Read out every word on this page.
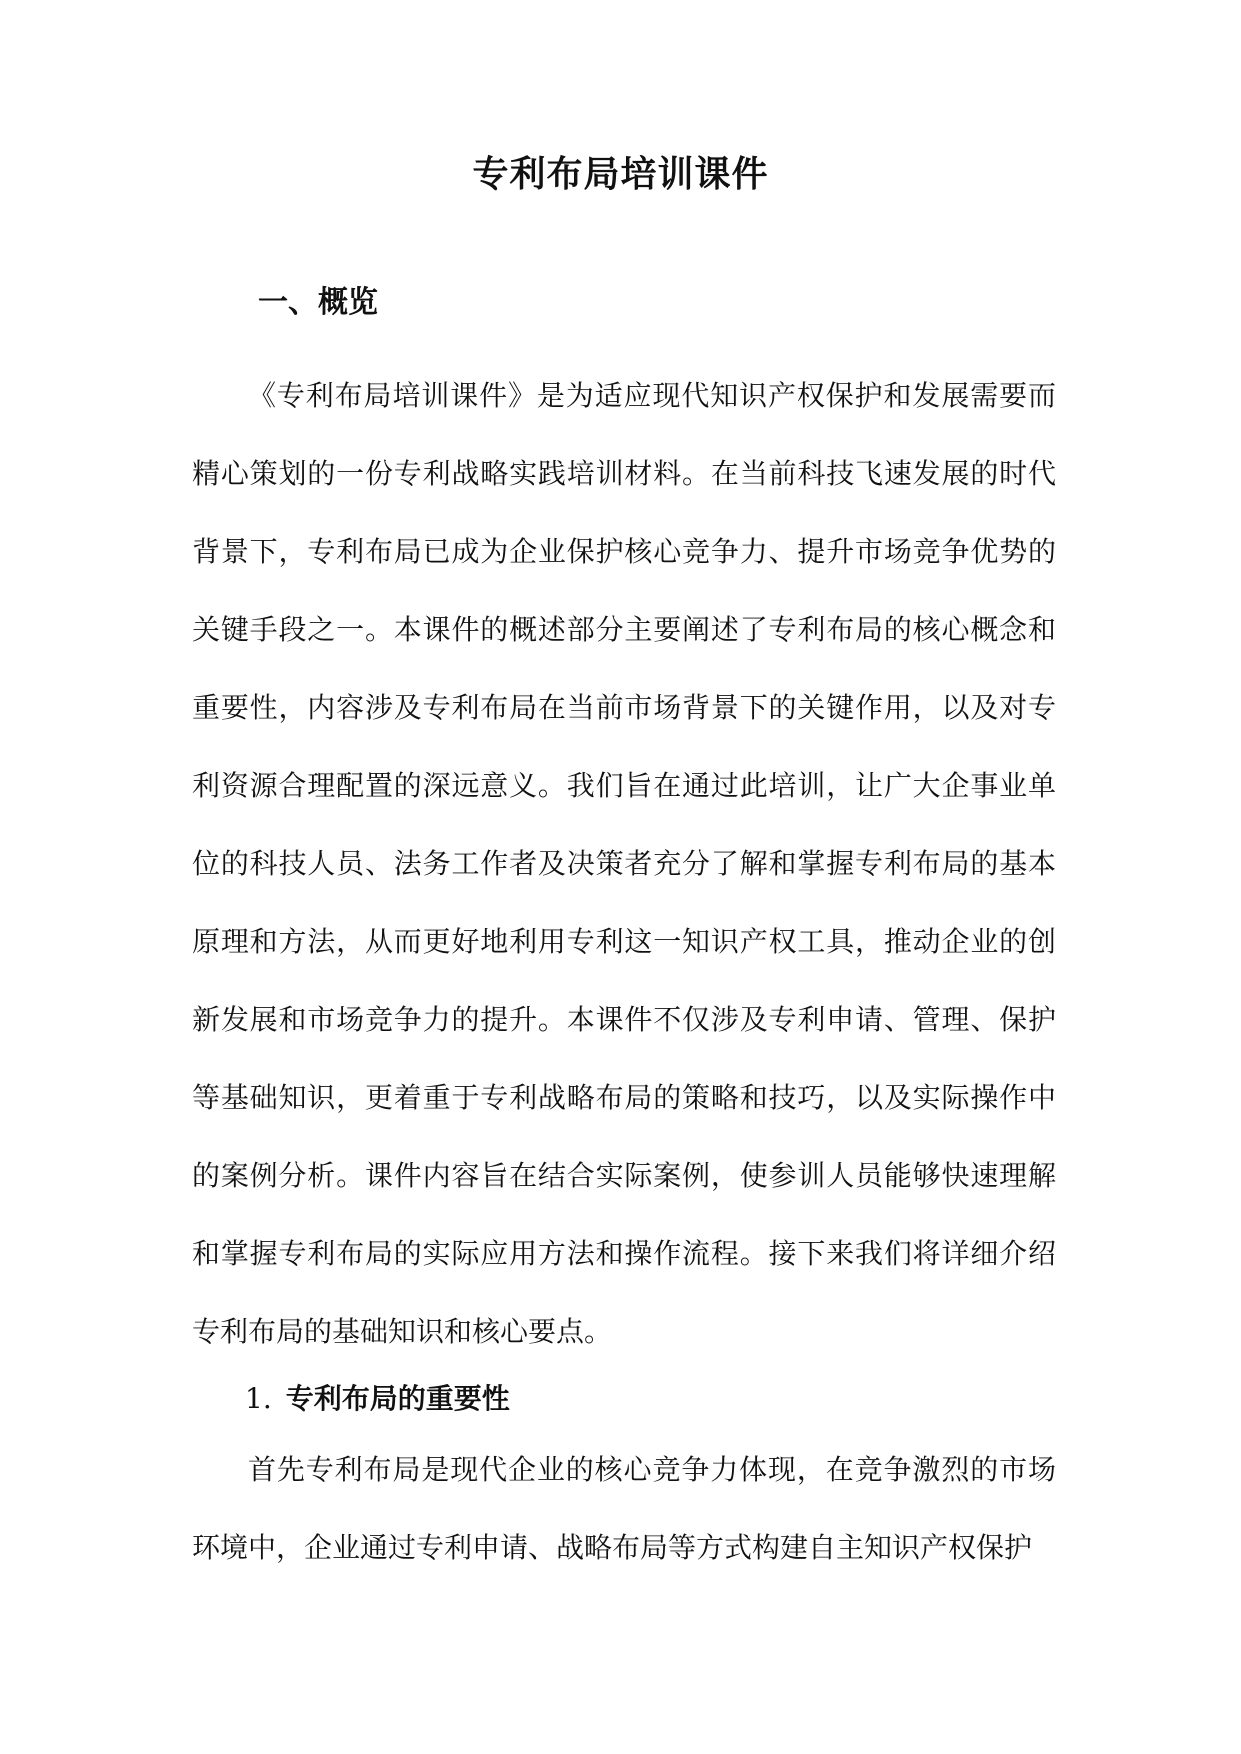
专利布局培训课件
一、概览

《专利布局培训课件》是为适应现代知识产权保护和发展需要而精心策划的一份专利战略实践培训材料。在当前科技飞速发展的时代背景下，专利布局已成为企业保护核心竞争力、提升市场竞争优势的关键手段之一。本课件的概述部分主要阐述了专利布局的核心概念和重要性，内容涉及专利布局在当前市场背景下的关键作用，以及对专利资源合理配置的深远意义。我们旨在通过此培训，让广大企事业单位的科技人员、法务工作者及决策者充分了解和掌握专利布局的基本原理和方法，从而更好地利用专利这一知识产权工具，推动企业的创新发展和市场竞争力的提升。本课件不仅涉及专利申请、管理、保护等基础知识，更着重于专利战略布局的策略和技巧，以及实际操作中的案例分析。课件内容旨在结合实际案例，使参训人员能够快速理解和掌握专利布局的实际应用方法和操作流程。接下来我们将详细介绍专利布局的基础知识和核心要点。

1. 专利布局的重要性

首先专利布局是现代企业的核心竞争力体现，在竞争激烈的市场环境中，企业通过专利申请、战略布局等方式构建自主知识产权保护
